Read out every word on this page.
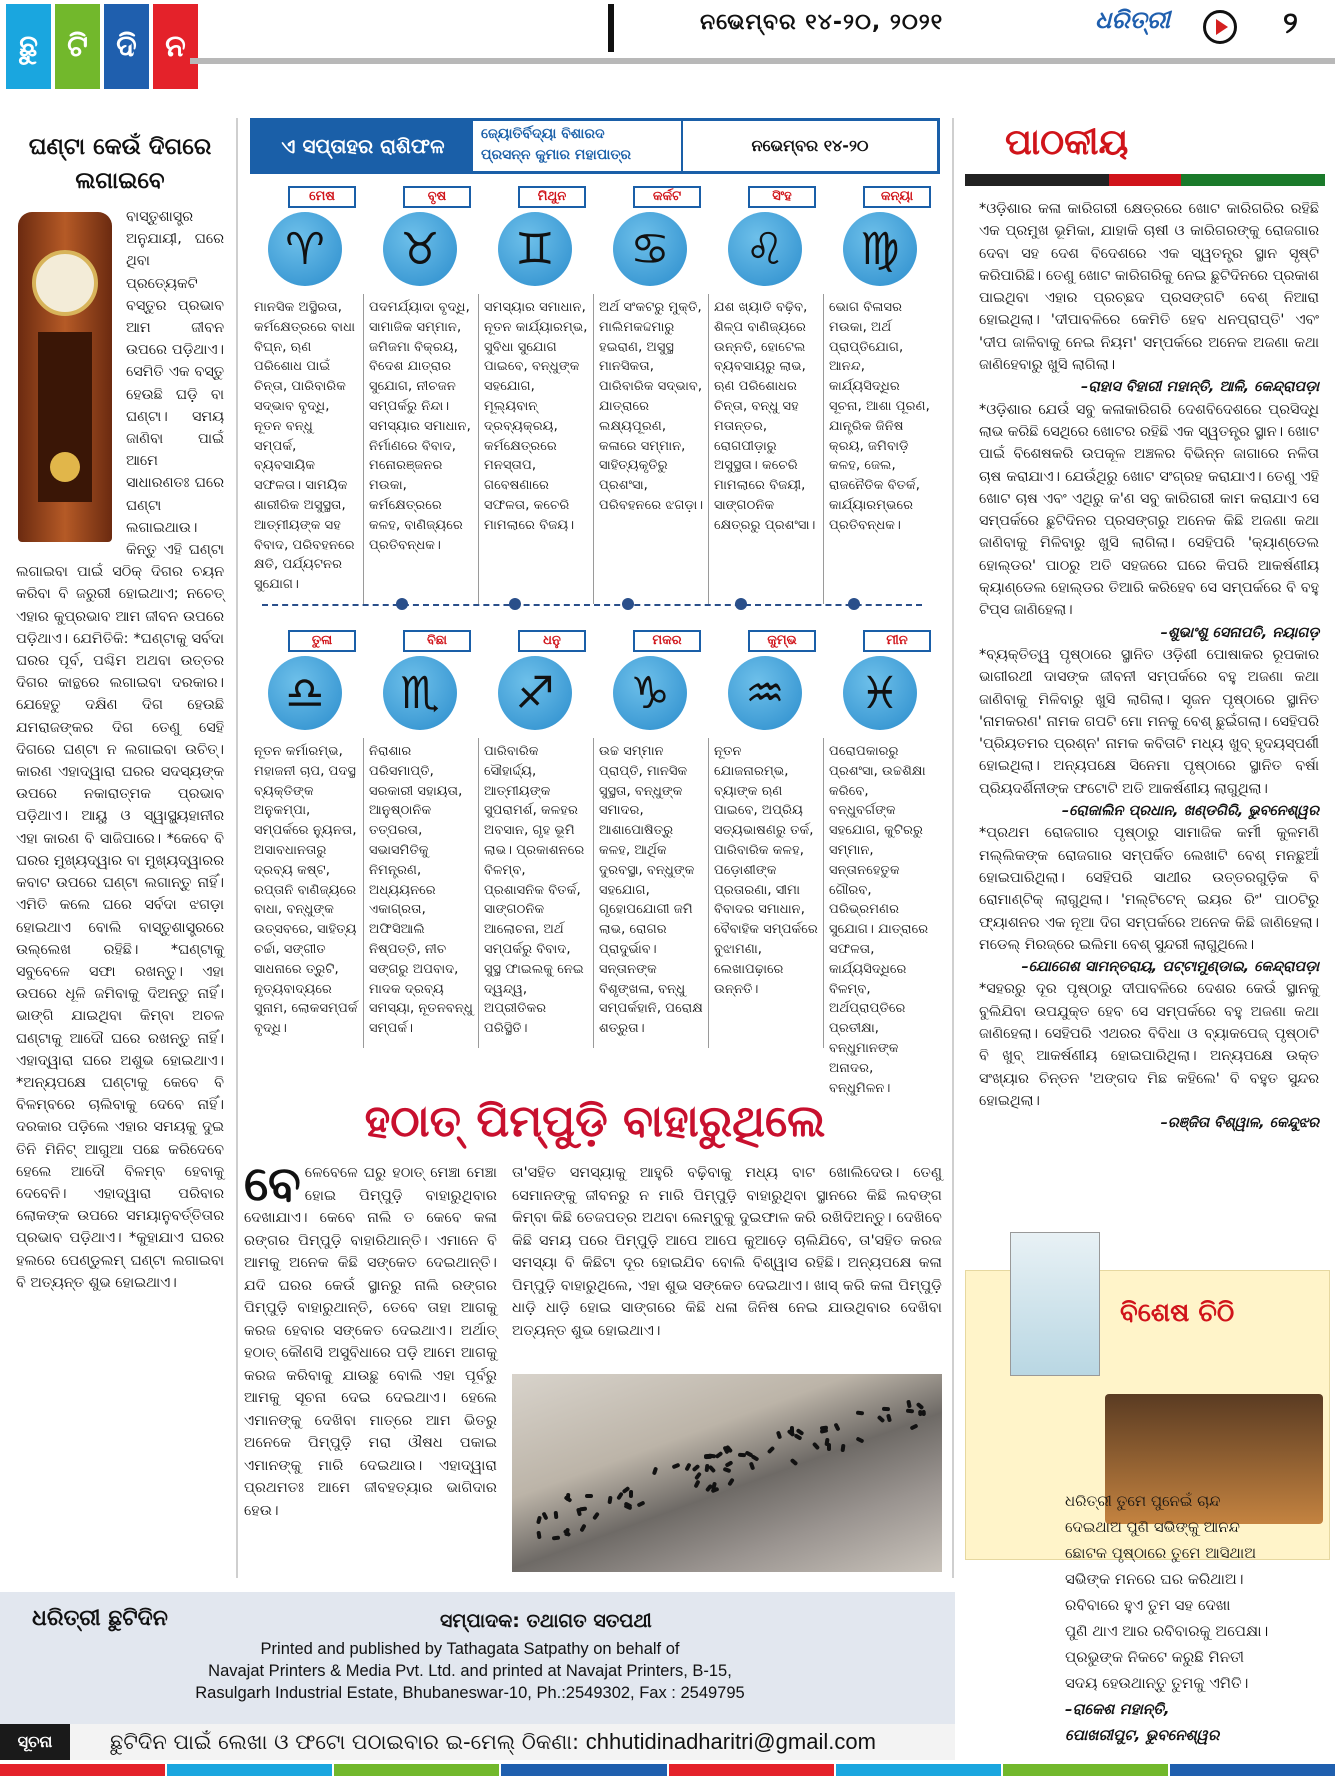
ଛୁ ଟି ଦି ନ
ନଭେମ୍ବର ୧୪-୨୦, ୨୦୨୧	ଧରିତ୍ରୀ	୨
ଘଣ୍ଟା କେଉଁ ଦିଗରେ ଲଗାଇବେ
ବାସ୍ତୁଶାସ୍ତ୍ର ଅନୁଯାୟୀ, ଘରେ ଥିବା ପ୍ରତ୍ୟେକଟି ବସ୍ତୁର ପ୍ରଭାବ ଆମ ଜୀବନ ଉପରେ ପଡ଼ିଥାଏ। ସେମିତି ଏକ ବସ୍ତୁ ହେଉଛି ଘଡ଼ି ବା ଘଣ୍ଟା। ସମୟ ଜାଣିବା ପାଇଁ ଆମେ ସାଧାରଣତଃ ଘରେ ଘଣ୍ଟା ଲଗାଇଥାଉ। କିନ୍ତୁ ଏହି ଘଣ୍ଟା ଲଗାଇବା ପାଇଁ ସଠିକ୍ ଦିଗର ଚୟନ କରିବା ବି ଜରୁରୀ ହୋଇଥାଏ; ନଚେତ୍ ଏହାର କୁପ୍ରଭାବ ଆମ ଜୀବନ ଉପରେ ପଡ଼ିଥାଏ। ଯେମିତିକି: *ଘଣ୍ଟାକୁ ସର୍ବଦା ଘରର ପୂର୍ବ, ପଶ୍ଚିମ ଅଥବା ଉତ୍ତର ଦିଗର କାନ୍ଥରେ ଲଗାଇବା ଦରକାର। ଯେହେତୁ ଦକ୍ଷିଣ ଦିଗ ହେଉଛି ଯମରାଜଙ୍କର ଦିଗ ତେଣୁ ସେହି ଦିଗରେ ଘଣ୍ଟା ନ ଲଗାଇବା ଉଚିତ୍। କାରଣ ଏହାଦ୍ୱାରା ଘରର ସଦସ୍ୟଙ୍କ ଉପରେ ନକାରାତ୍ମକ ପ୍ରଭାବ ପଡ଼ିଥାଏ। ଆୟୁ ଓ ସ୍ୱାସ୍ଥ୍ୟହାନୀର ଏହା କାରଣ ବି ସାଜିପାରେ। *କେବେ ବି ଘରର ମୁଖ୍ୟଦ୍ୱାର ବା ମୁଖ୍ୟଦ୍ୱାରର କବାଟ ଉପରେ ଘଣ୍ଟା ଲଗାନ୍ତୁ ନାହିଁ। ଏମିତି କଲେ ଘରେ ସର୍ବଦା ଝଗଡ଼ା ହୋଇଥାଏ ବୋଲି ବାସ୍ତୁଶାସ୍ତ୍ରରେ ଉଲ୍ଲେଖ ରହିଛି। *ଘଣ୍ଟାକୁ ସବୁବେଳେ ସଫା ରଖନ୍ତୁ। ଏହା ଉପରେ ଧୂଳି ଜମିବାକୁ ଦିଅନ୍ତୁ ନାହିଁ। ଭାଙ୍ଗି ଯାଇଥିବା କିମ୍ବା ଅଚଳ ଘଣ୍ଟାକୁ ଆଦୌ ଘରେ ରଖନ୍ତୁ ନାହିଁ। ଏହାଦ୍ୱାରା ଘରେ ଅଶୁଭ ହୋଇଥାଏ। *ଅନ୍ୟପକ୍ଷେ ଘଣ୍ଟାକୁ କେବେ ବି ବିଳମ୍ବରେ ଚାଲିବାକୁ ଦେବେ ନାହିଁ। ଦରକାର ପଡ଼ିଲେ ଏହାର ସମୟକୁ ଦୁଇ ତିନି ମିନିଟ୍ ଆଗୁଆ ପଛେ କରିଦେବେ ହେଲେ ଆଦୌ ବିଳମ୍ବ ହେବାକୁ ଦେବେନି। ଏହାଦ୍ୱାରା ପରିବାର ଲୋକଙ୍କ ଉପରେ ସମୟାନୁବର୍ତ୍ତିତାର ପ୍ରଭାବ ପଡ଼ିଥାଏ। *କୁହାଯାଏ ଘରର ହଲରେ ପେଣ୍ଡୁଲମ୍ ଘଣ୍ଟା ଲଗାଇବା ବି ଅତ୍ୟନ୍ତ ଶୁଭ ହୋଇଥାଏ।
ଏ ସପ୍ତାହର ରାଶିଫଳ	ଜ୍ୟୋତିର୍ବିଦ୍ୟା ବିଶାରଦ
ପ୍ରସନ୍ନ କୁମାର ମହାପାତ୍ର	ନଭେମ୍ବର ୧୪-୨୦
ମେଷ
♈
ମାନସିକ ଅସ୍ଥିରତା, କର୍ମକ୍ଷେତ୍ରରେ ବାଧା ବିଘ୍ନ, ଋଣ ପରିଶୋଧ ପାଇଁ ଚିନ୍ତା, ପାରିବାରିକ ସଦ୍‌ଭାବ ବୃଦ୍ଧି, ନୂତନ ବନ୍ଧୁ ସମ୍ପର୍କ, ବ୍ୟବସାୟିକ ସଫଳତା। ସାମୟିକ ଶାରୀରିକ ଅସୁସ୍ଥତା, ଆତ୍ମୀୟଙ୍କ ସହ ବିବାଦ, ପରିବହନରେ କ୍ଷତି, ପର୍ଯ୍ୟଟନର ସୁଯୋଗ।
ବୃଷ
♉
ପଦମର୍ଯ୍ୟାଦା ବୃଦ୍ଧି, ସାମାଜିକ ସମ୍ମାନ, ଜମିଜମା ବିକ୍ରୟ, ବିଦେଶ ଯାତ୍ରାର ସୁଯୋଗ, ନୀଚଜନ ସମ୍ପର୍କରୁ ନିନ୍ଦା। ସମସ୍ୟାର ସମାଧାନ, ନିର୍ମାଣରେ ବିବାଦ, ମନୋରଞ୍ଜନର ମଉକା, କର୍ମକ୍ଷେତ୍ରରେ କଳହ, ବାଣିଜ୍ୟରେ ପ୍ରତିବନ୍ଧକ।
ମିଥୁନ
♊
ସମସ୍ୟାର ସମାଧାନ, ନୂତନ କାର୍ଯ୍ୟାରମ୍ଭ, ସୁବିଧା ସୁଯୋଗ ପାଇବେ, ବନ୍ଧୁଙ୍କ ସହଯୋଗ, ମୂଲ୍ୟବାନ୍ ଦ୍ରବ୍ୟକ୍ରୟ, କର୍ମକ୍ଷେତ୍ରରେ ମନସ୍ତାପ, ଗବେଷଣାରେ ସଫଳତା, କଚେରି ମାମଲାରେ ବିଜୟ।
କର୍କଟ
♋
ଅର୍ଥ ସଂକଟରୁ ମୁକ୍ତି, ମାଲିମକଦ୍ଦମାରୁ ହଇରାଣ, ଅସୁସ୍ଥ ମାନସିକତା, ପାରିବାରିକ ସଦ୍‌ଭାବ, ଯାତ୍ରାରେ ଲକ୍ଷ୍ୟପୂରଣ, କଳାରେ ସମ୍ମାନ, ସାହିତ୍ୟକୃତିରୁ ପ୍ରଶଂସା, ପରିବହନରେ ଝଗଡ଼ା।
ସିଂହ
♌
ଯଶ ଖ୍ୟାତି ବଢ଼ିବ, ଶିଳ୍ପ ବାଣିଜ୍ୟରେ ଉନ୍ନତି, ହୋଟେଲ ବ୍ୟବସାୟରୁ ଲାଭ, ଋଣ ପରିଶୋଧର ଚିନ୍ତା, ବନ୍ଧୁ ସହ ମତାନ୍ତର, ରୋଗପୀଡ଼ାରୁ ଅସୁସ୍ଥତା। କଚେରି ମାମଲାରେ ବିଜୟୀ, ସାଙ୍ଗଠନିକ କ୍ଷେତ୍ରରୁ ପ୍ରଶଂସା।
କନ୍ୟା
♍
ଭୋଗ ବିଳାସର ମଉକା, ଅର୍ଥ ପ୍ରାପ୍ତିଯୋଗ, ଆନନ୍ଦ, କାର୍ଯ୍ୟସିଦ୍ଧିର ସୂଚନା, ଆଶା ପୂରଣ, ଯାନ୍ତ୍ରିକ ଜିନିଷ କ୍ରୟ, ଜମିବାଡ଼ି କଳହ, ଜେଲ, ରାଜନୈତିକ ବିତର୍କ, କାର୍ଯ୍ୟାରମ୍ଭରେ ପ୍ରତିବନ୍ଧକ।
ତୁଳା
♎
ନୂତନ କର୍ମାରମ୍ଭ, ମହାଜନୀ ଚାପ, ପଦସ୍ଥ ବ୍ୟକ୍ତିଙ୍କ ଅନୁକମ୍ପା, ସମ୍ପର୍କରେ ନ୍ୟୁନତା, ଅସାବଧାନତାରୁ ଦ୍ରବ୍ୟ କଷ୍ଟ, ରପ୍ତାନି ବାଣିଜ୍ୟରେ ବାଧା, ବନ୍ଧୁଙ୍କ ଉତ୍ସବରେ, ସାହିତ୍ୟ ଚର୍ଚ୍ଚା, ସଙ୍ଗୀତ ସାଧନାରେ ତ୍ରୁଟି, ନୃତ୍ୟବାଦ୍ୟରେ ସୁନାମ, ଲୋକସମ୍ପର୍କ ବୃଦ୍ଧି।
ବିଛା
♏
ନିରାଶାର ପରିସମାପ୍ତି, ସରକାରୀ ସହାୟତା, ଆନୁଷ୍ଠାନିକ ତତ୍ପରତା, ସଭାସମିତିକୁ ନିମନ୍ତ୍ରଣ, ଅଧ୍ୟୟନରେ ଏକାଗ୍ରତା, ଅଫିସିଆଲି ନିଷ୍ପତ୍ତି, ନୀଚ ସଙ୍ଗରୁ ଅପବାଦ, ମାଦକ ଦ୍ରବ୍ୟ ସମସ୍ୟା, ନୂତନବନ୍ଧୁ ସମ୍ପର୍କ।
ଧନୁ
♐
ପାରିବାରିକ ସୌହାର୍ଦ୍ଦ୍ୟ, ଆତ୍ମୀୟଙ୍କ ସୁପରାମର୍ଶ, କଳହର ଅବସାନ, ଗୃହ ଭୂମି ଲାଭ। ପ୍ରକାଶନରେ ବିଳମ୍ବ, ପ୍ରଶାସନିକ ବିତର୍କ, ସାଙ୍ଗଠନିକ ଆଲୋଚନା, ଅର୍ଥ ସମ୍ପର୍କରୁ ବିବାଦ, ସୁସ୍ଥ ଫାଇଲକୁ ନେଇ ଦ୍ୱନ୍ଦ୍ୱ, ଅପ୍ରୀତିକର ପରିସ୍ଥିତି।
ମକର
♑
ଉଚ୍ଚ ସମ୍ମାନ ପ୍ରାପ୍ତି, ମାନସିକ ସୁସ୍ଥତା, ବନ୍ଧୁଙ୍କ ସମାଦର, ଆଶାପୋଷିତ୍ରୁ କଳହ, ଆର୍ଥିକ ଦୁରବସ୍ଥା, ବନ୍ଧୁଙ୍କ ସହଯୋଗ, ଗୃହୋପଯୋଗୀ ଜମି ଲାଭ, ରୋଗର ପ୍ରାଦୁର୍ଭାବ। ସନ୍ତାନଙ୍କ ବିଶୃଙ୍ଖଳା, ବନ୍ଧୁ ସମ୍ପର୍କହାନି, ପରୋକ୍ଷ ଶତ୍ରୁତା।
କୁମ୍ଭ
♒
ନୂତନ ଯୋଜନାରମ୍ଭ, ବ୍ୟାଙ୍କ ଋଣ ପାଇବେ, ଅପ୍ରିୟ ସତ୍ୟଭାଷଣରୁ ତର୍କ, ପାରିବାରିକ କଳହ, ପଡ଼ୋଶୀଙ୍କ ପ୍ରତାରଣା, ସୀମା ବିବାଦର ସମାଧାନ, ବୈବାହିକ ସମ୍ପର୍କରେ ବୁଝାମଣା, ଲେଖାପଢ଼ାରେ ଉନ୍ନତି।
ମୀନ
♓
ପରୋପକାରରୁ ପ୍ରଶଂସା, ଉଚ୍ଚଶିକ୍ଷା କରିବେ, ବନ୍ଧୁବର୍ଗଙ୍କ ସହଯୋଗ, କୁଟିରରୁ ସମ୍ମାନ, ସନ୍ତାନହେତୁକ ଗୌରବ, ପରିଭ୍ରମଣର ସୁଯୋଗ। ଯାତ୍ରାରେ ସଫଳତା, କାର୍ଯ୍ୟସିଦ୍ଧିରେ ବିଳମ୍ବ, ଅର୍ଥପ୍ରାପ୍ତିରେ ପ୍ରତୀକ୍ଷା, ବନ୍ଧୁମାନଙ୍କ ଅନାଦର, ବନ୍ଧୁମିଳନ।
ହଠାତ୍ ପିମ୍ପୁଡ଼ି ବାହାରୁଥିଲେ
ବେ ଳେବେଳେ ଘରୁ ହଠାତ୍ ମେଞ୍ଚା ମେଞ୍ଚା ହୋଇ ପିମ୍ପୁଡ଼ି ବାହାରୁଥିବାର ଦେଖାଯାଏ। କେବେ ନାଲି ତ କେବେ କଳା ରଙ୍ଗର ପିମ୍ପୁଡ଼ି ବାହାରିଥାନ୍ତି। ଏମାନେ ବି ଆମକୁ ଅନେକ କିଛି ସଙ୍କେତ ଦେଇଥାନ୍ତି। ଯଦି ଘରର କେଉଁ ସ୍ଥାନରୁ ନାଲି ରଙ୍ଗର ପିମ୍ପୁଡ଼ି ବାହାରୁଥାନ୍ତି, ତେବେ ତାହା ଆଗକୁ କରଜ ହେବାର ସଙ୍କେତ ଦେଇଥାଏ। ଅର୍ଥାତ୍ ହଠାତ୍ କୌଣସି ଅସୁବିଧାରେ ପଡ଼ି ଆମେ ଆଗକୁ କରଜ କରିବାକୁ ଯାଉଛୁ ବୋଲି ଏହା ପୂର୍ବରୁ ଆମକୁ ସୂଚନା ଦେଇ ଦେଇଥାଏ। ହେଲେ ଏମାନଙ୍କୁ ଦେଖିବା ମାତ୍ରେ ଆମ ଭିତରୁ ଅନେକେ ପିମ୍ପୁଡ଼ି ମରା ଔଷଧ ପକାଇ ଏମାନଙ୍କୁ ମାରି ଦେଇଥାଉ। ଏହାଦ୍ୱାରା ପ୍ରଥମତଃ ଆମେ ଜୀବହତ୍ୟାର ଭାଗିଦାର ହେଉ।
ତା'ସହିତ ସମସ୍ୟାକୁ ଆହୁରି ବଢ଼ିବାକୁ ମଧ୍ୟ ବାଟ ଖୋଲିଦେଉ। ତେଣୁ ସେମାନଙ୍କୁ ଜୀବନରୁ ନ ମାରି ପିମ୍ପୁଡ଼ି ବାହାରୁଥିବା ସ୍ଥାନରେ କିଛି ଲବଙ୍ଗ କିମ୍ବା କିଛି ତେଜପତ୍ର ଅଥବା ଲେମ୍ବୁକୁ ଦୁଇଫାଳ କରି ରଖିଦିଅନ୍ତୁ। ଦେଖିବେ କିଛି ସମୟ ପରେ ପିମ୍ପୁଡ଼ି ଆପେ ଆପେ କୁଆଡ଼େ ଚାଲିଯିବେ, ତା'ସହିତ କରଜ ସମସ୍ୟା ବି କିଛିଟା ଦୂର ହୋଇଯିବ ବୋଲି ବିଶ୍ୱାସ ରହିଛି। ଅନ୍ୟପକ୍ଷେ କଳା ପିମ୍ପୁଡ଼ି ବାହାରୁଥିଲେ, ଏହା ଶୁଭ ସଙ୍କେତ ଦେଇଥାଏ। ଖାସ୍ କରି କଳା ପିମ୍ପୁଡ଼ି ଧାଡ଼ି ଧାଡ଼ି ହୋଇ ସାଙ୍ଗରେ କିଛି ଧଳା ଜିନିଷ ନେଇ ଯାଉଥିବାର ଦେଖିବା ଅତ୍ୟନ୍ତ ଶୁଭ ହୋଇଥାଏ।
ପାଠକୀୟ

*ଓଡ଼ିଶାର କଳା କାରିଗରୀ କ୍ଷେତ୍ରରେ ଖୋଟ କାରିଗରିର ରହିଛି ଏକ ପ୍ରମୁଖ ଭୂମିକା, ଯାହାକି ଚାଷୀ ଓ କାରିଗରଙ୍କୁ ରୋଜଗାର ଦେବା ସହ ଦେଶ ବିଦେଶରେ ଏକ ସ୍ୱତନ୍ତ୍ର ସ୍ଥାନ ସୃଷ୍ଟି କରିପାରିଛି। ତେଣୁ ଖୋଟ କାରିଗରିକୁ ନେଇ ଛୁଟିଦିନରେ ପ୍ରକାଶ ପାଇଥିବା ଏହାର ପ୍ରଚ୍ଛଦ ପ୍ରସଙ୍ଗଟି ବେଶ୍ ନିଆରା ହୋଇଥିଲା। 'ଦୀପାବଳିରେ କେମିତି ହେବ ଧନପ୍ରାପ୍ତି' ଏବଂ 'ଦୀପ ଜାଳିବାକୁ ନେଇ ନିୟମ' ସମ୍ପର୍କରେ ଅନେକ ଅଜଣା କଥା ଜାଣିହେବାରୁ ଖୁସି ଲାଗିଲା।

–ରାହାସ ବିହାରୀ ମହାନ୍ତି, ଆଳି, କେନ୍ଦ୍ରାପଡ଼ା

*ଓଡ଼ିଶାର ଯେଉଁ ସବୁ କଳାକାରିଗରି ଦେଶବିଦେଶରେ ପ୍ରସିଦ୍ଧି ଲାଭ କରିଛି ସେଥିରେ ଖୋଟର ରହିଛି ଏକ ସ୍ୱତନ୍ତ୍ର ସ୍ଥାନ। ଖୋଟ ପାଇଁ ବିଶେଷକରି ଉପକୂଳ ଅଞ୍ଚଳର ବିଭିନ୍ନ ଜାଗାରେ ନଳିତା ଚାଷ କରାଯାଏ। ଯେଉଁଥିରୁ ଖୋଟ ସଂଗ୍ରହ କରାଯାଏ। ତେଣୁ ଏହି ଖୋଟ ଚାଷ ଏବଂ ଏଥିରୁ କ'ଣ ସବୁ କାରିଗରୀ କାମ କରାଯାଏ ସେ ସମ୍ପର୍କରେ ଛୁଟିଦିନର ପ୍ରସଙ୍ଗରୁ ଅନେକ କିଛି ଅଜଣା କଥା ଜାଣିବାକୁ ମିଳିବାରୁ ଖୁସି ଲାଗିଲା। ସେହିପରି 'କ୍ୟାଣ୍ଡେଲ ହୋଲ୍ଡର' ପାଠରୁ ଅତି ସହଜରେ ଘରେ କିପରି ଆକର୍ଷଣୀୟ କ୍ୟାଣ୍ଡେଲ ହୋଲ୍ଡର ତିଆରି କରିହେବ ସେ ସମ୍ପର୍କରେ ବି ବହୁ ଟିପ୍ସ ଜାଣିହେଲା।

–ଶୁଭାଂଶୁ ସେନାପତି, ନୟାଗଡ଼

*ବ୍ୟକ୍ତିତ୍ୱ ପୃଷ୍ଠାରେ ସ୍ଥାନିତ ଓଡ଼ିଶୀ ପୋଷାକର ରୂପକାର ଭାଗୀରଥୀ ଦାସଙ୍କ ଜୀବନୀ ସମ୍ପର୍କରେ ବହୁ ଅଜଣା କଥା ଜାଣିବାକୁ ମିଳିବାରୁ ଖୁସି ଲାଗିଲା। ସୃଜନ ପୃଷ୍ଠାରେ ସ୍ଥାନିତ 'ନାମକରଣ' ନାମକ ଗପଟି ମୋ ମନକୁ ବେଶ୍ ଛୁଇଁଗଲା। ସେହିପରି 'ପ୍ରିୟତମର ପ୍ରଶ୍ନ' ନାମକ କବିତାଟି ମଧ୍ୟ ଖୁବ୍ ହୃଦୟସ୍ପର୍ଶୀ ହୋଇଥିଲା। ଅନ୍ୟପକ୍ଷେ ସିନେମା ପୃଷ୍ଠାରେ ସ୍ଥାନିତ ବର୍ଷା ପ୍ରିୟଦର୍ଶିନୀଙ୍କ ଫଟୋଟି ଅତି ଆକର୍ଷଣୀୟ ଲାଗୁଥିଲା।

–ରୋଜାଲିନ ପ୍ରଧାନ, ଖଣ୍ଡଗିରି, ଭୁବନେଶ୍ୱର

*ପ୍ରଥମ ରୋଜଗାର ପୃଷ୍ଠାରୁ ସାମାଜିକ କର୍ମୀ କୁଳମଣି ମଲ୍ଲିକଙ୍କ ରୋଜଗାର ସମ୍ପର୍କିତ ଲେଖାଟି ବେଶ୍ ମନଛୁଆଁ ହୋଇପାରିଥିଲା। ସେହିପରି ସାଥୀର ଉତ୍ତରଗୁଡ଼ିକ ବି ରୋମାଣ୍ଟିକ୍ ଲାଗୁଥିଲା। 'ମଲ୍ଟିଟେନ୍ ଇୟର ରିଂ' ପାଠଟିରୁ ଫ୍ୟାଶନର ଏକ ନୂଆ ଦିଗ ସମ୍ପର୍କରେ ଅନେକ କିଛି ଜାଣିହେଲା। ମଡେଲ୍ ମିରଜ୍‌ରେ ଇଲିମା ବେଶ୍ ସୁନ୍ଦରୀ ଲାଗୁଥିଲେ।

–ଯୋଗେଶ ସାମନ୍ତରାୟ, ପଟ୍ଟାମୁଣ୍ଡାଇ, କେନ୍ଦ୍ରାପଡ଼ା

*ସହରରୁ ଦୂର ପୃଷ୍ଠାରୁ ଦୀପାବଳିରେ ଦେଶର କେଉଁ ସ୍ଥାନକୁ ବୁଲିଯିବା ଉପଯୁକ୍ତ ହେବ ସେ ସମ୍ପର୍କରେ ବହୁ ଅଜଣା କଥା ଜାଣିହେଲା। ସେହିପରି ଏଥରର ବିବିଧା ଓ ବ୍ୟାକପେଜ୍ ପୃଷ୍ଠାଟି ବି ଖୁବ୍ ଆକର୍ଷଣୀୟ ହୋଇପାରିଥିଲା। ଅନ୍ୟପକ୍ଷେ ଉକ୍ତ ସଂଖ୍ୟାର ଚିନ୍ତନ 'ଅଙ୍ଗଦ ମିଛ କହିଲେ' ବି ବହୁତ ସୁନ୍ଦର ହୋଇଥିଲା।

–ରଞ୍ଜିତା ବିଶ୍ୱାଳ, କେନ୍ଦୁଝର

ବିଶେଷ ଚିଠି
ଧରିତ୍ରୀ ତୁମେ ପୁନେଇଁ ଚାନ୍ଦ
ଦେଇଥାଅ ପୁଣି ସଭିଙ୍କୁ ଆନନ୍ଦ
ଛୋଟକ ପୃଷ୍ଠାରେ ତୁମେ ଆସିଥାଅ
ସଭିଙ୍କ ମନରେ ଘର କରିଥାଅ।
ରବିବାରେ ହୁଏ ତୁମ ସହ ଦେଖା
ପୁଣି ଥାଏ ଆର ରବିବାରକୁ ଅପେକ୍ଷା।
ପ୍ରଭୁଙ୍କ ନିକଟେ କରୁଛି ମିନତୀ
ସଦୟ ହେଉଥାନ୍ତୁ ତୁମକୁ ଏମିତି।
–ରାକେଶ ମହାନ୍ତି,
ପୋଖରୀପୁଟ, ଭୁବନେଶ୍ୱର
ଧରିତ୍ରୀ ଛୁଟିଦିନ	ସମ୍ପାଦକ: ତଥାଗତ ସତପଥୀ
Printed and published by Tathagata Satpathy on behalf of
Navajat Printers & Media Pvt. Ltd. and printed at Navajat Printers, B-15,
Rasulgarh Industrial Estate, Bhubaneswar-10, Ph.:2549302, Fax : 2549795
ସୂଚନା	ଛୁଟିଦିନ ପାଇଁ ଲେଖା ଓ ଫଟୋ ପଠାଇବାର ଇ-ମେଲ୍ ଠିକଣା: chhutidinadharitri@gmail.com
